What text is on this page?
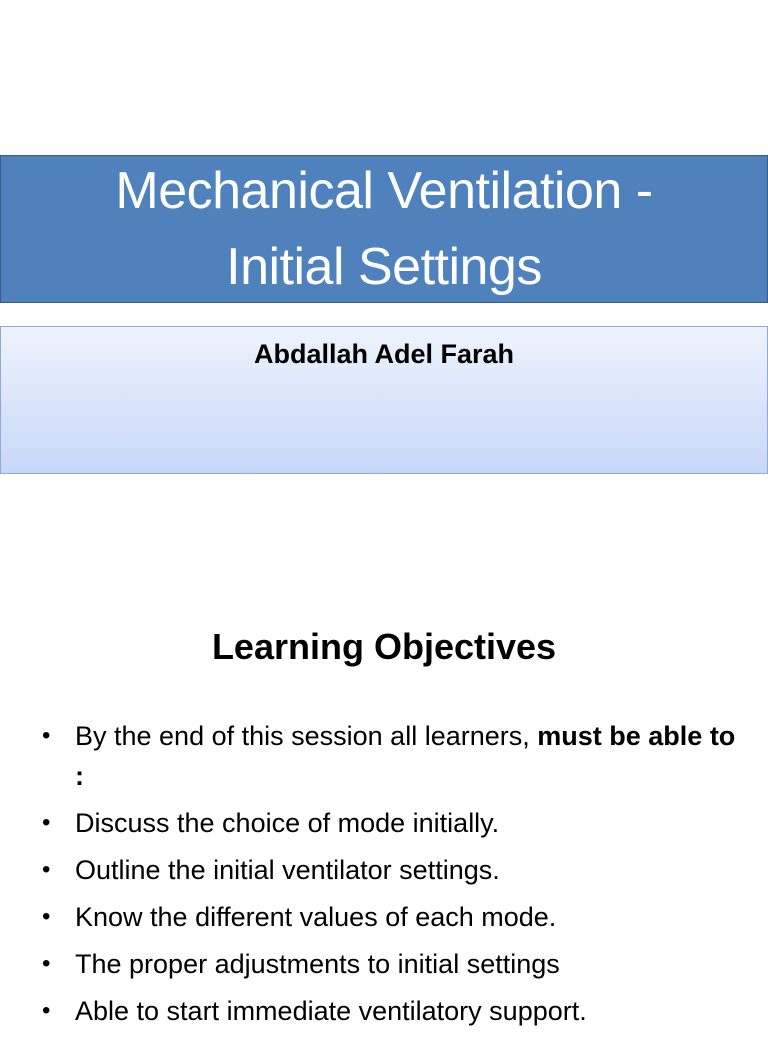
Mechanical Ventilation -
Initial Settings
Abdallah Adel Farah
Learning Objectives
• By the end of this session all learners, must be able to :
• Discuss the choice of mode initially.
• Outline the initial ventilator settings.
• Know the different values of each mode.
• The proper adjustments to initial settings
• Able to start immediate ventilatory support.
